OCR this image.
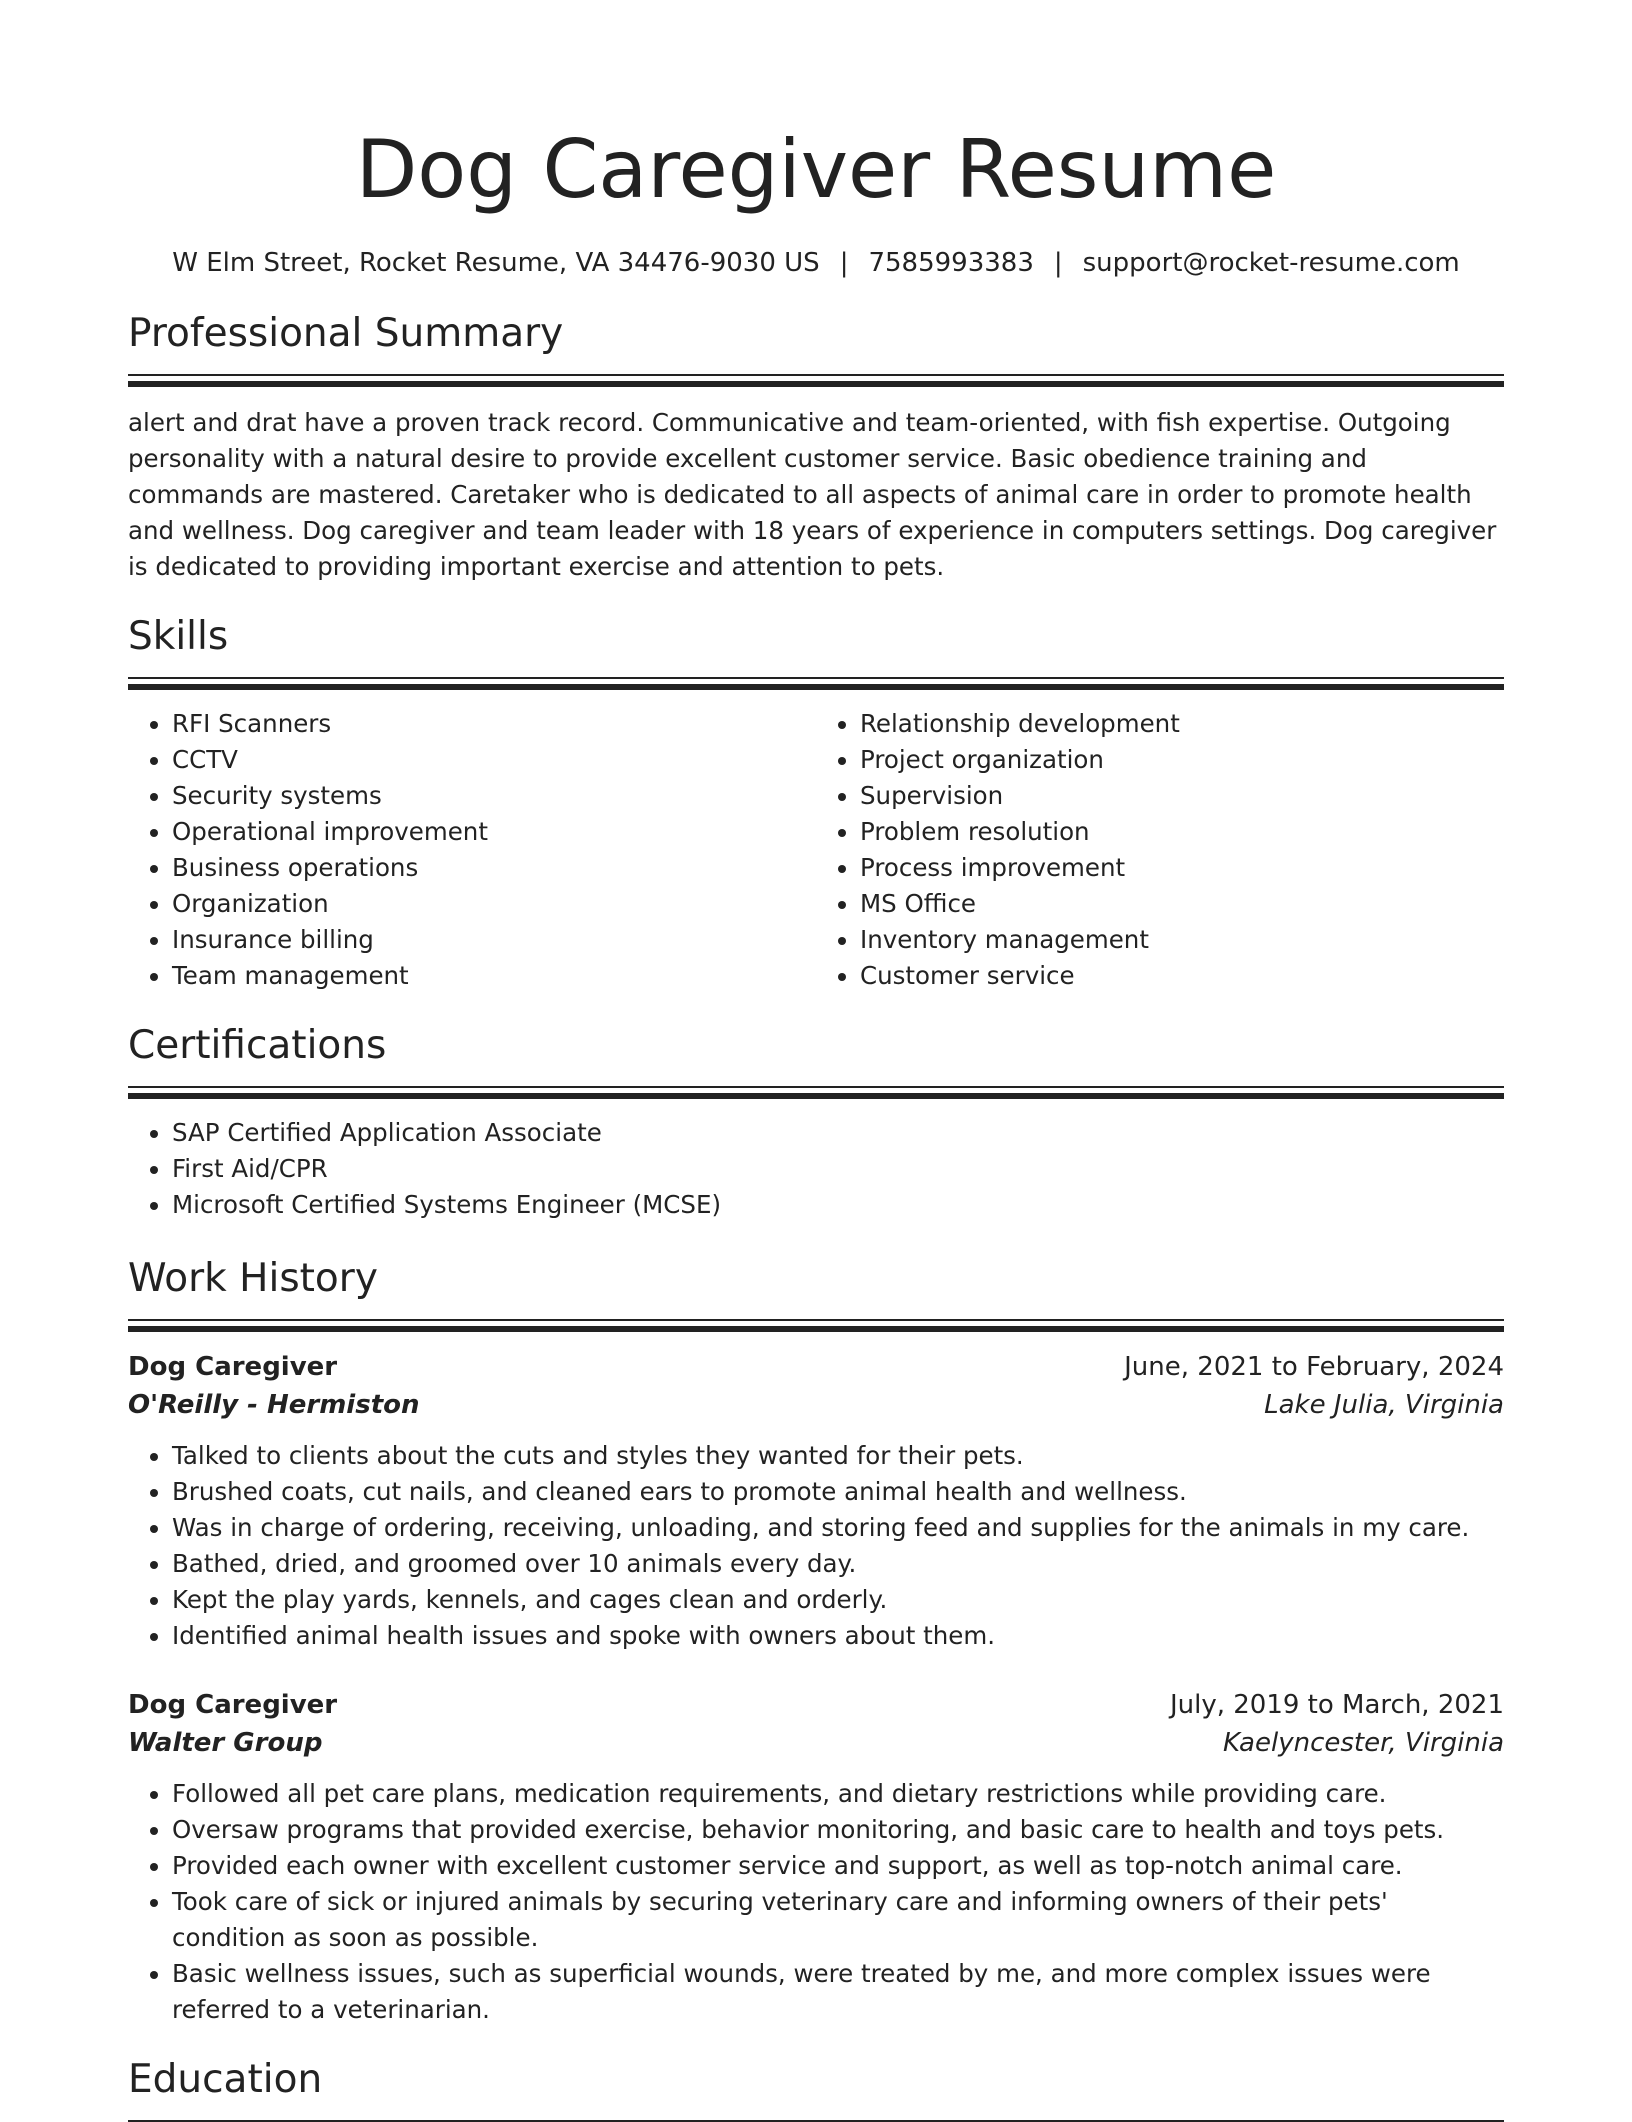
Dog Caregiver Resume
W Elm Street, Rocket Resume, VA 34476-9030 US | 7585993383 | support@rocket-resume.com
Professional Summary

alert and drat have a proven track record. Communicative and team-oriented, with fish expertise. Outgoing personality with a natural desire to provide excellent customer service. Basic obedience training and commands are mastered. Caretaker who is dedicated to all aspects of animal care in order to promote health and wellness. Dog caregiver and team leader with 18 years of experience in computers settings. Dog caregiver is dedicated to providing important exercise and attention to pets.

Skills
• RFI Scanners
• CCTV
• Security systems
• Operational improvement
• Business operations
• Organization
• Insurance billing
• Team management
• Relationship development
• Project organization
• Supervision
• Problem resolution
• Process improvement
• MS Office
• Inventory management
• Customer service
Certifications
• SAP Certified Application Associate
• First Aid/CPR
• Microsoft Certified Systems Engineer (MCSE)
Work History
Dog Caregiver	June, 2021 to February, 2024
O'Reilly - Hermiston	Lake Julia, Virginia
• Talked to clients about the cuts and styles they wanted for their pets.
• Brushed coats, cut nails, and cleaned ears to promote animal health and wellness.
• Was in charge of ordering, receiving, unloading, and storing feed and supplies for the animals in my care.
• Bathed, dried, and groomed over 10 animals every day.
• Kept the play yards, kennels, and cages clean and orderly.
• Identified animal health issues and spoke with owners about them.
Dog Caregiver	July, 2019 to March, 2021
Walter Group	Kaelyncester, Virginia
• Followed all pet care plans, medication requirements, and dietary restrictions while providing care.
• Oversaw programs that provided exercise, behavior monitoring, and basic care to health and toys pets.
• Provided each owner with excellent customer service and support, as well as top-notch animal care.
• Took care of sick or injured animals by securing veterinary care and informing owners of their pets' condition as soon as possible.
• Basic wellness issues, such as superficial wounds, were treated by me, and more complex issues were referred to a veterinarian.
Education
